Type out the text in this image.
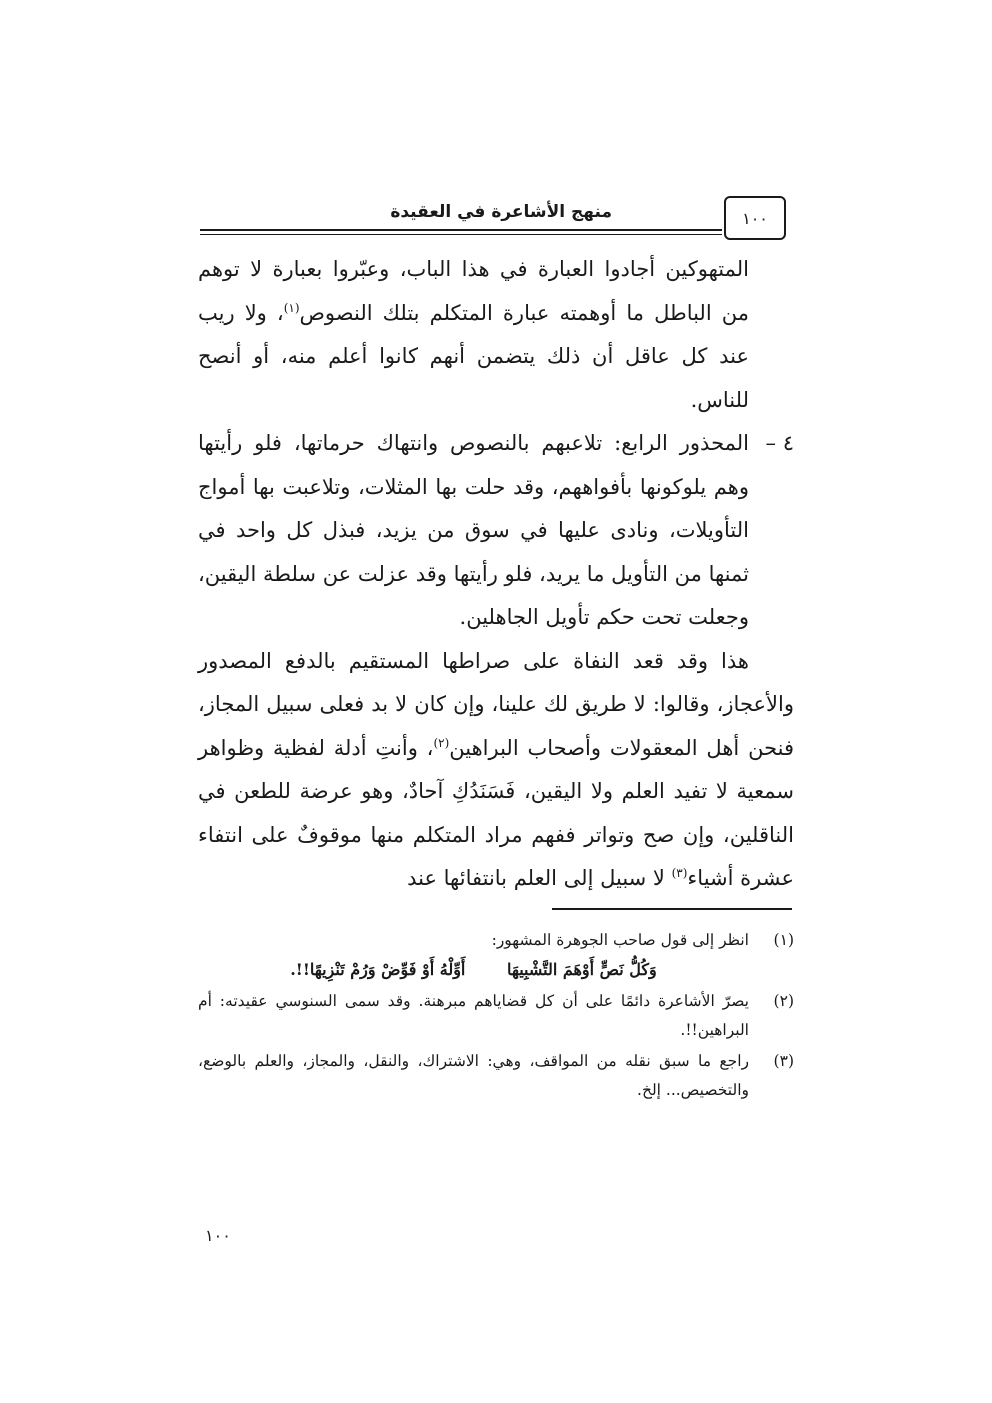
منهج الأشاعرة في العقيدة	١٠٠

المتهوكين أجادوا العبارة في هذا الباب، وعبّروا بعبارة لا توهم من الباطل ما أوهمته عبارة المتكلم بتلك النصوص$^{(١)}$، ولا ريب عند كل عاقل أن ذلك يتضمن أنهم كانوا أعلم منه، أو أنصح للناس.

٤ –
المحذور الرابع: تلاعبهم بالنصوص وانتهاك حرماتها، فلو رأيتها وهم يلوكونها بأفواههم، وقد حلت بها المثلات، وتلاعبت بها أمواج التأويلات، ونادى عليها في سوق من يزيد، فبذل كل واحد في ثمنها من التأويل ما يريد، فلو رأيتها وقد عزلت عن سلطة اليقين، وجعلت تحت حكم تأويل الجاهلين.

هذا وقد قعد النفاة على صراطها المستقيم بالدفع المصدور والأعجاز، وقالوا: لا طريق لك علينا، وإن كان لا بد فعلى سبيل المجاز، فنحن أهل المعقولات وأصحاب البراهين$^{(٢)}$، وأنتِ أدلة لفظية وظواهر سمعية لا تفيد العلم ولا اليقين، فَسَنَدُكِ آحادٌ، وهو عرضة للطعن في الناقلين، وإن صح وتواتر ففهم مراد المتكلم منها موقوفٌ على انتفاء عشرة أشياء$^{(٣)}$ لا سبيل إلى العلم بانتفائها عند

(١)
انظر إلى قول صاحب الجوهرة المشهور:
وَكُلُّ نَصٍّ أَوْهَمَ التَّشْبِيهَا أَوِّلْهُ أَوْ فَوِّضْ وَرُمْ تَنْزِيهًا!!.
(٢)
يصرّ الأشاعرة دائمًا على أن كل قضاياهم مبرهنة. وقد سمى السنوسي عقيدته: أم البراهين!!.
(٣)
راجع ما سبق نقله من المواقف، وهي: الاشتراك، والنقل، والمجاز، والعلم بالوضع، والتخصيص... إلخ.
١٠٠
